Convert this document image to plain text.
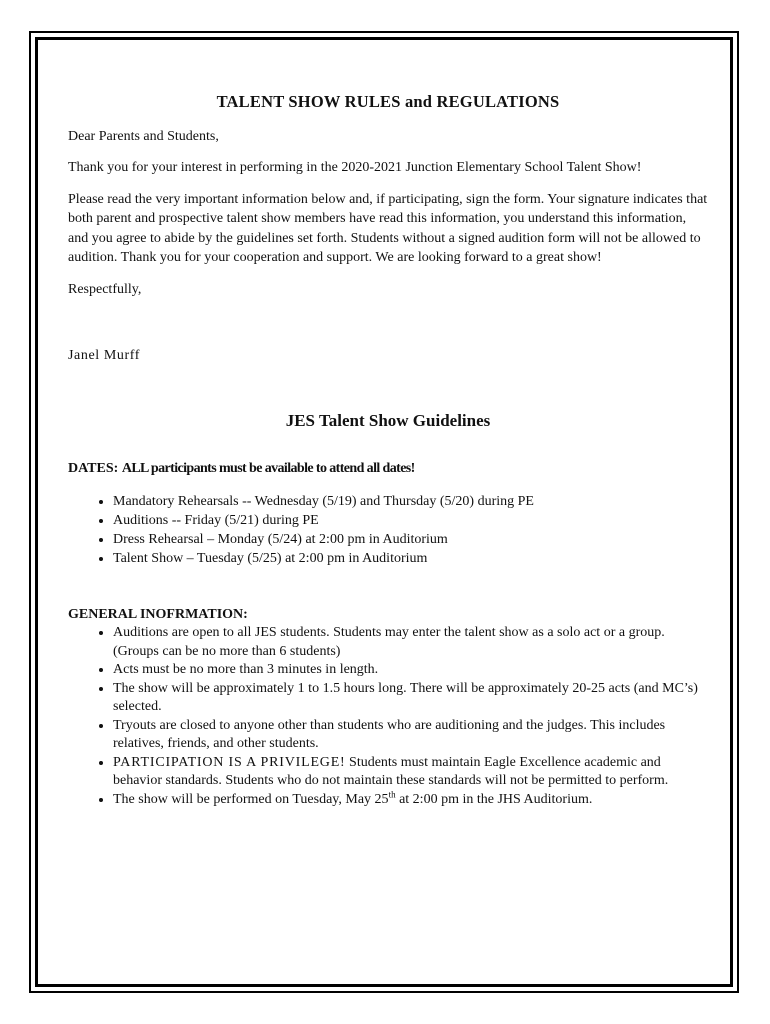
TALENT SHOW RULES and REGULATIONS

Dear Parents and Students,

Thank you for your interest in performing in the 2020-2021 Junction Elementary School Talent Show!

Please read the very important information below and, if participating, sign the form. Your signature indicates that both parent and prospective talent show members have read this information, you understand this information, and you agree to abide by the guidelines set forth. Students without a signed audition form will not be allowed to audition. Thank you for your cooperation and support. We are looking forward to a great show!

Respectfully,

Janel Murff

JES Talent Show Guidelines
DATES: ALL participants must be available to attend all dates!
• Mandatory Rehearsals -- Wednesday (5/19) and Thursday (5/20) during PE
• Auditions -- Friday (5/21) during PE
• Dress Rehearsal – Monday (5/24) at 2:00 pm in Auditorium
• Talent Show – Tuesday (5/25) at 2:00 pm in Auditorium
GENERAL INOFRMATION:
• Auditions are open to all JES students. Students may enter the talent show as a solo act or a group. (Groups can be no more than 6 students)
• Acts must be no more than 3 minutes in length.
• The show will be approximately 1 to 1.5 hours long. There will be approximately 20-25 acts (and MC’s) selected.
• Tryouts are closed to anyone other than students who are auditioning and the judges. This includes relatives, friends, and other students.
• PARTICIPATION IS A PRIVILEGE! Students must maintain Eagle Excellence academic and behavior standards. Students who do not maintain these standards will not be permitted to perform.
• The show will be performed on Tuesday, May 25th at 2:00 pm in the JHS Auditorium.
